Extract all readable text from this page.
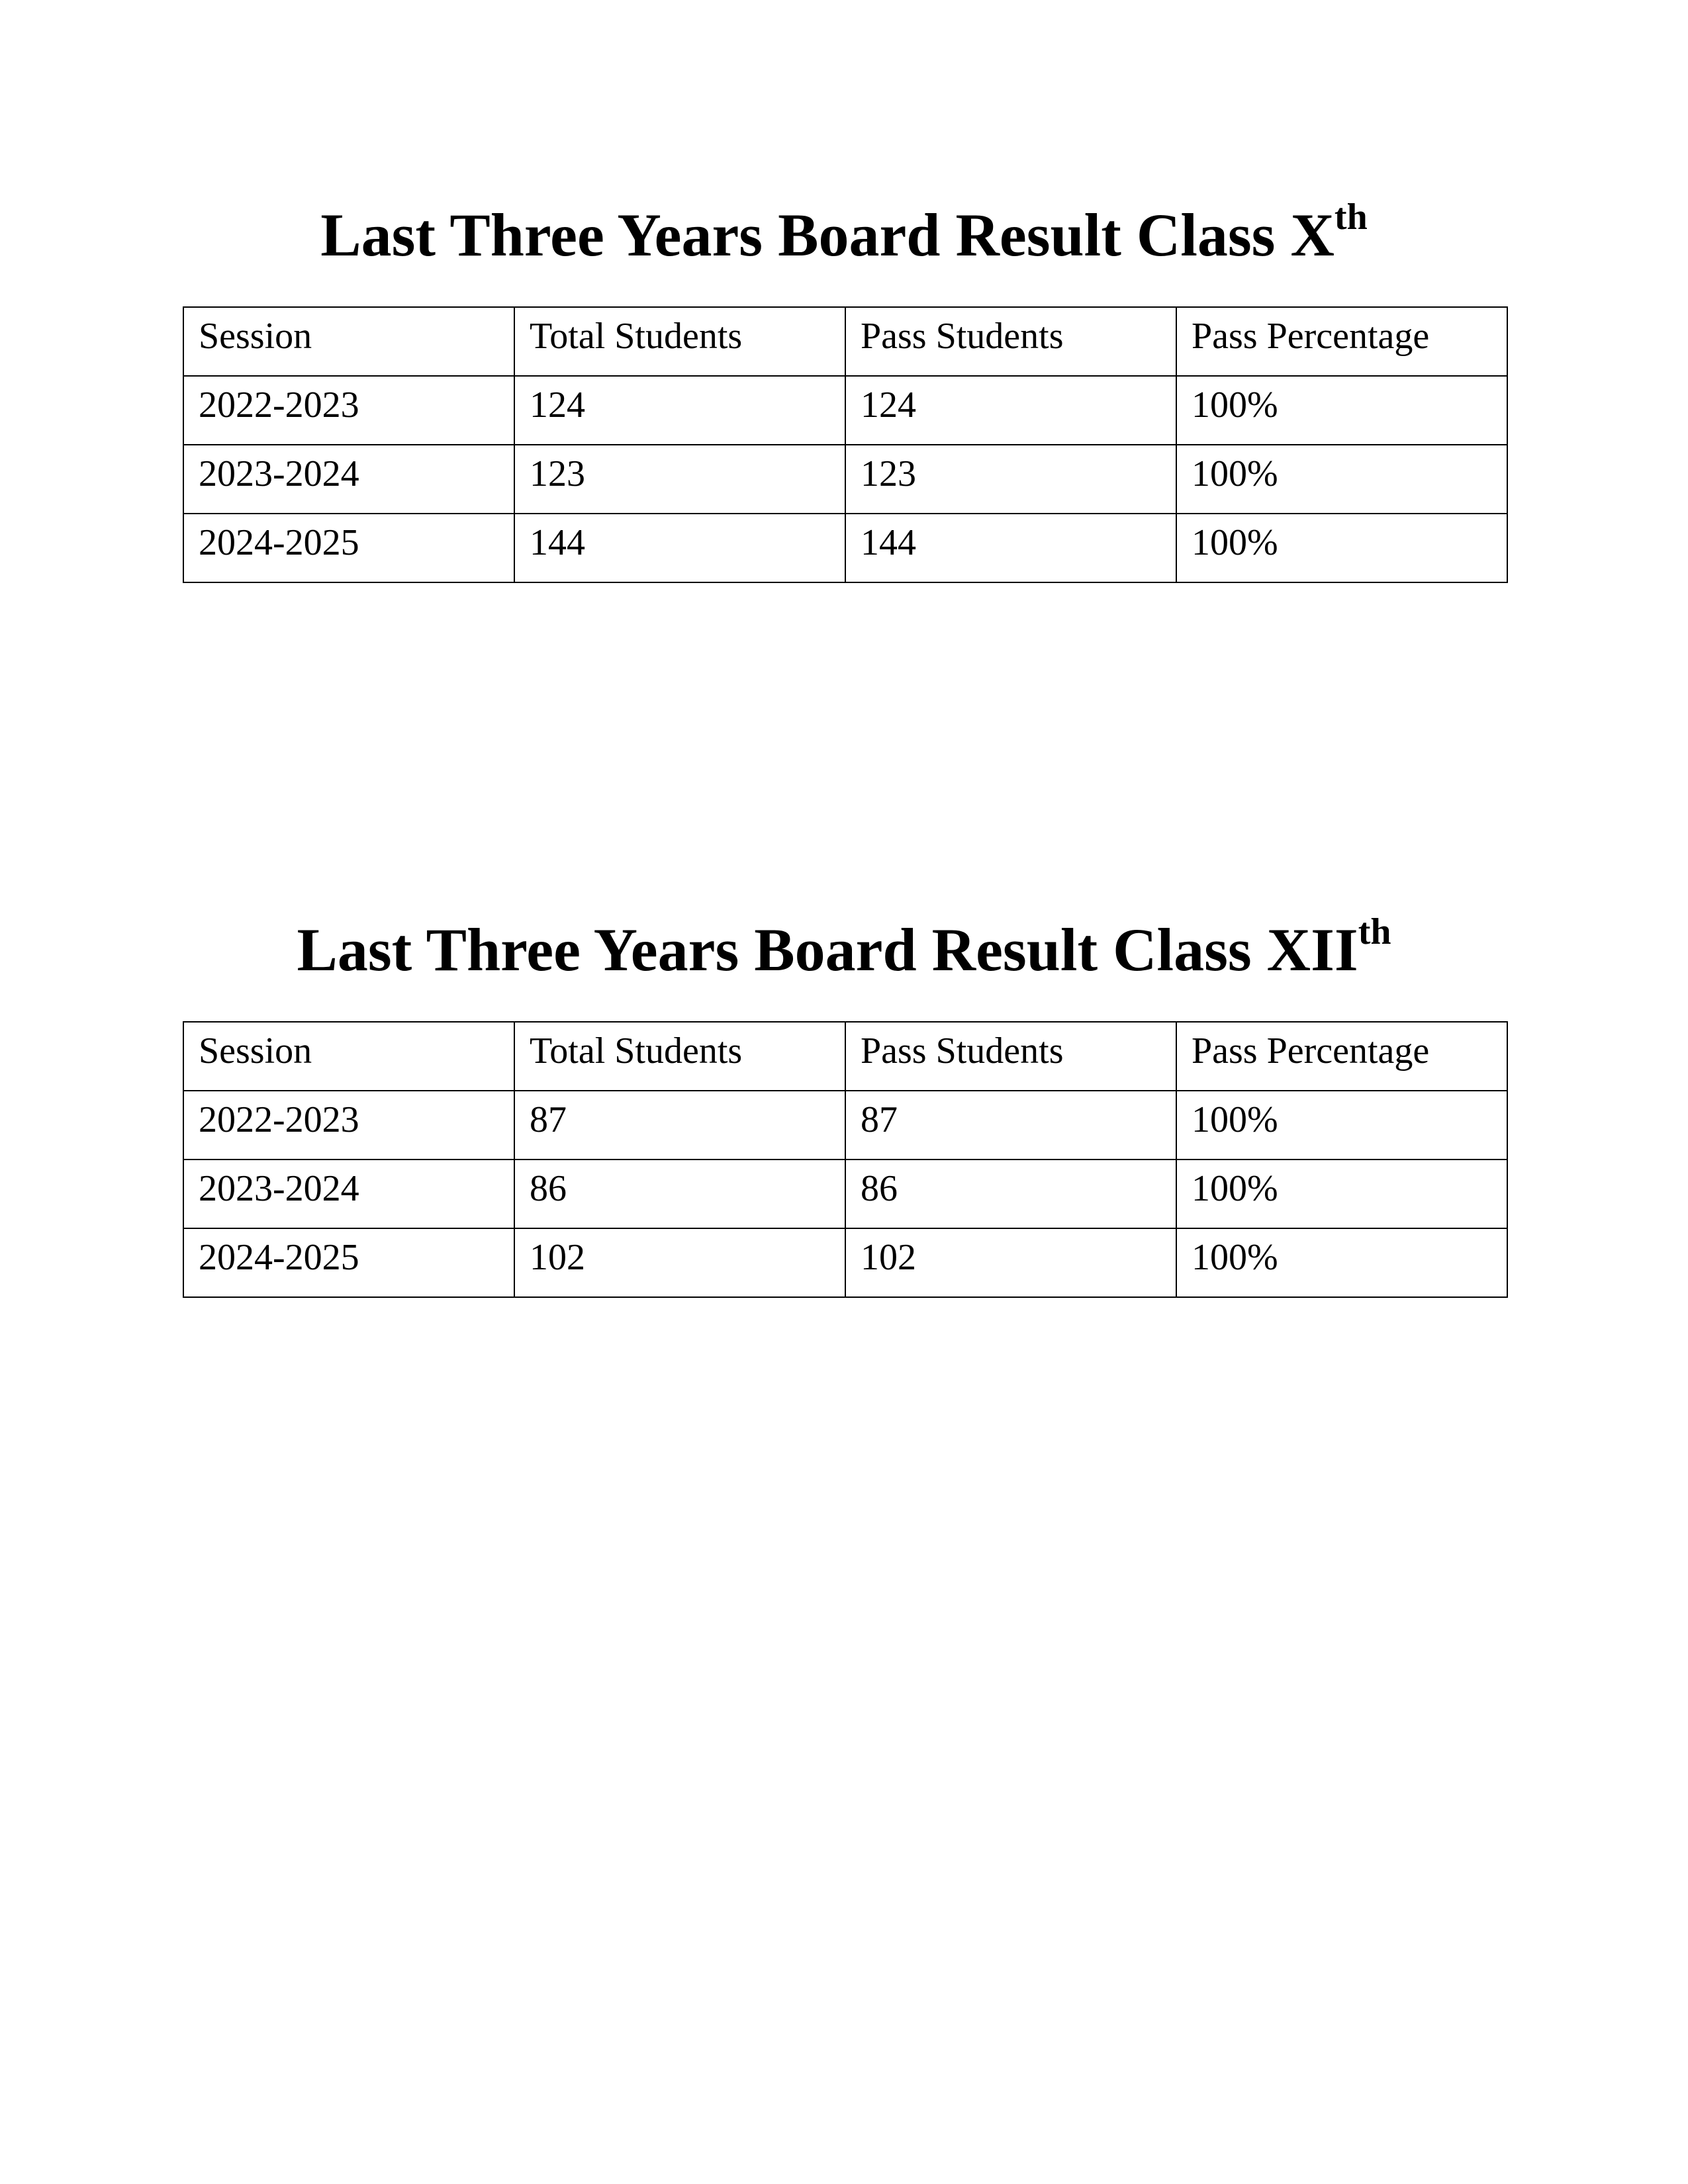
Last Three Years Board Result Class Xth
Session	Total Students	Pass Students	Pass Percentage
2022-2023	124	124	100%
2023-2024	123	123	100%
2024-2025	144	144	100%
Last Three Years Board Result Class XIIth
Session	Total Students	Pass Students	Pass Percentage
2022-2023	87	87	100%
2023-2024	86	86	100%
2024-2025	102	102	100%
